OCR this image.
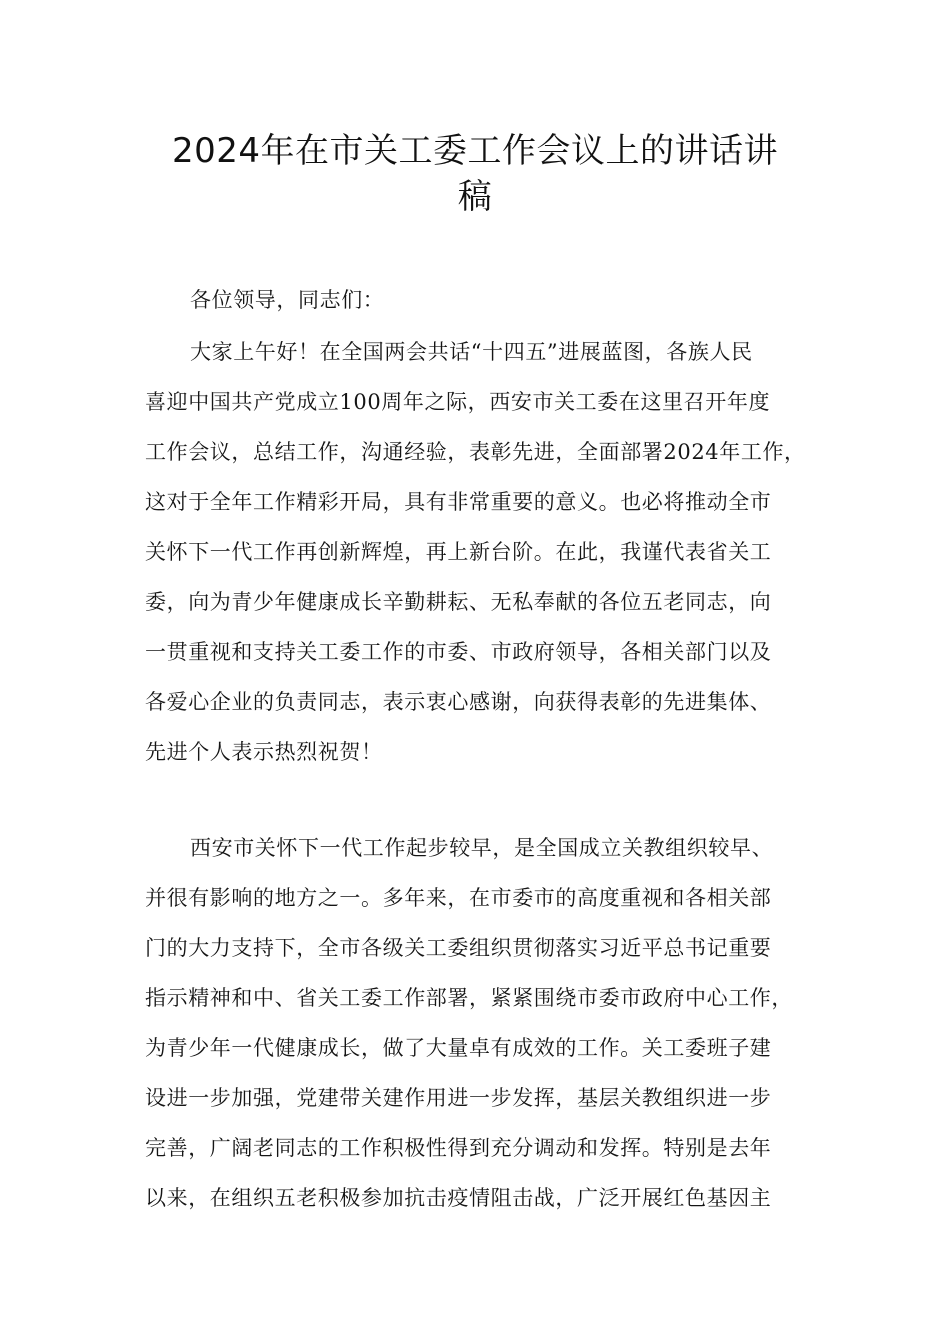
2024年在市关工委工作会议上的讲话讲
稿
各位领导，同志们：
大家上午好！在全国两会共话“十四五”进展蓝图，各族人民
喜迎中国共产党成立100周年之际，西安市关工委在这里召开年度
工作会议，总结工作，沟通经验，表彰先进，全面部署2024年工作，
这对于全年工作精彩开局，具有非常重要的意义。也必将推动全市
关怀下一代工作再创新辉煌，再上新台阶。在此，我谨代表省关工
委，向为青少年健康成长辛勤耕耘、无私奉献的各位五老同志，向
一贯重视和支持关工委工作的市委、市政府领导，各相关部门以及
各爱心企业的负责同志，表示衷心感谢，向获得表彰的先进集体、
先进个人表示热烈祝贺！
西安市关怀下一代工作起步较早，是全国成立关教组织较早、
并很有影响的地方之一。多年来，在市委市的高度重视和各相关部
门的大力支持下，全市各级关工委组织贯彻落实习近平总书记重要
指示精神和中、省关工委工作部署，紧紧围绕市委市政府中心工作，
为青少年一代健康成长，做了大量卓有成效的工作。关工委班子建
设进一步加强，党建带关建作用进一步发挥，基层关教组织进一步
完善，广阔老同志的工作积极性得到充分调动和发挥。特别是去年
以来，在组织五老积极参加抗击疫情阻击战，广泛开展红色基因主
